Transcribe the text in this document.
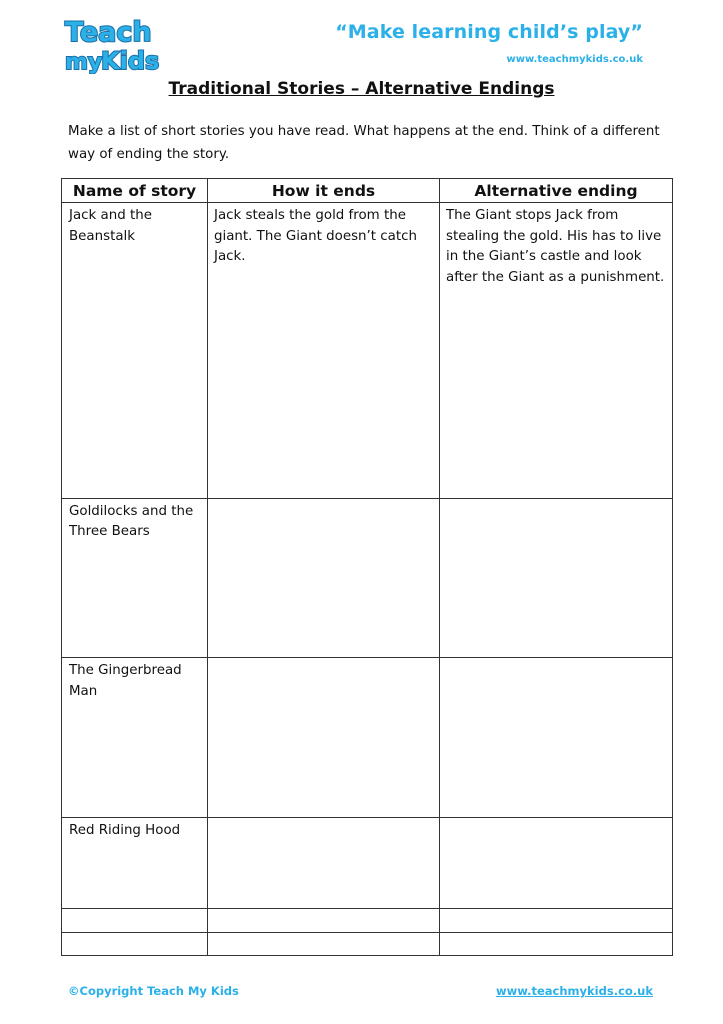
Teach
my
Kids
“Make learning child’s play”
www.teachmykids.co.uk
Traditional Stories – Alternative Endings
Make a list of short stories you have read. What happens at the end. Think of a different way of ending the story.
Name of story	How it ends	Alternative ending
Jack and the Beanstalk	Jack steals the gold from the giant. The Giant doesn’t catch Jack.	The Giant stops Jack from stealing the gold. His has to live in the Giant’s castle and look after the Giant as a punishment.
Goldilocks and the Three Bears		
The Gingerbread Man		
Red Riding Hood		

©Copyright Teach My Kids	www.teachmykids.co.uk
